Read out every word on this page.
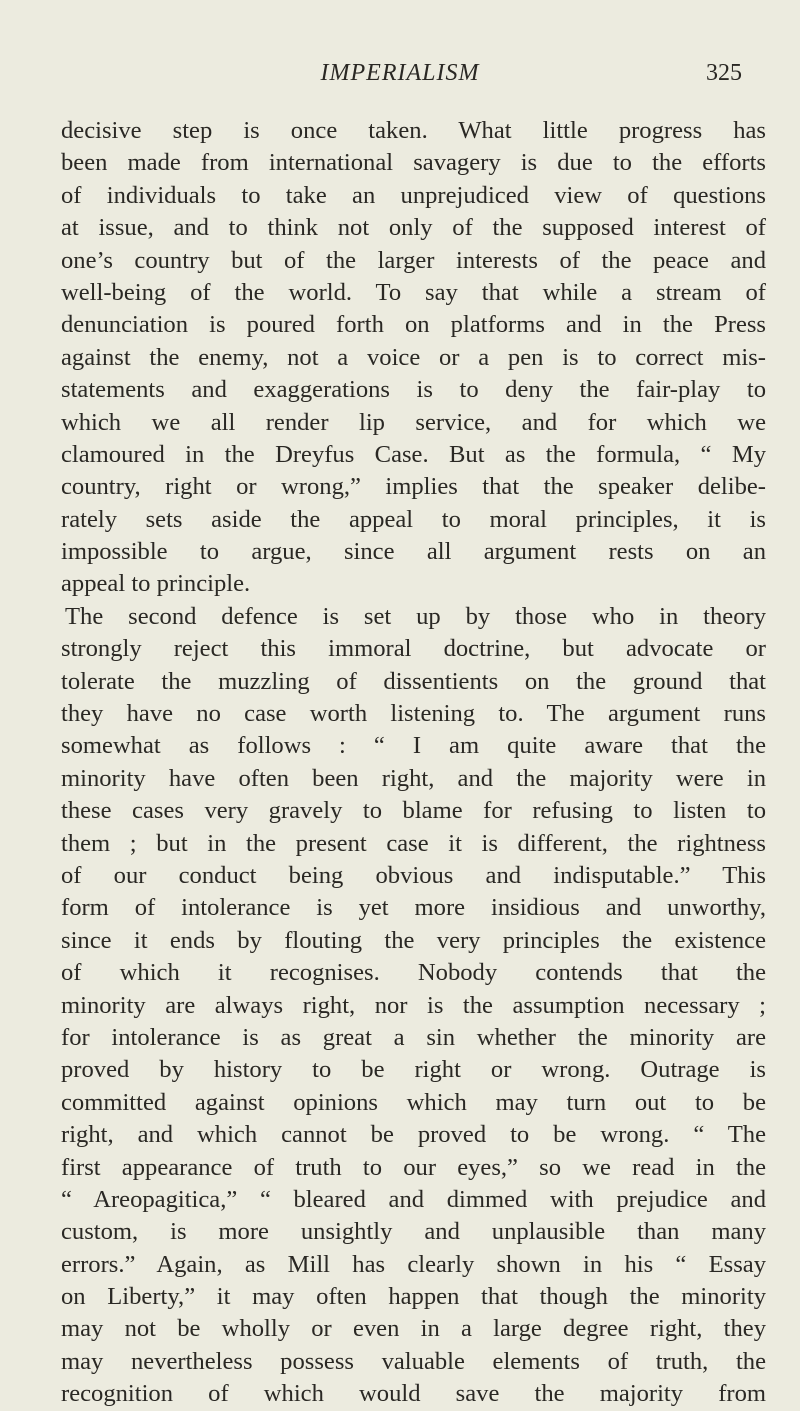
IMPERIALISM	325
decisive step is once taken. What little progress has
been made from international savagery is due to the efforts
of individuals to take an unprejudiced view of questions
at issue, and to think not only of the supposed interest of
one’s country but of the larger interests of the peace and
well-being of the world. To say that while a stream of
denunciation is poured forth on platforms and in the Press
against the enemy, not a voice or a pen is to correct mis-
statements and exaggerations is to deny the fair-play to
which we all render lip service, and for which we
clamoured in the Dreyfus Case. But as the formula, “ My
country, right or wrong,” implies that the speaker delibe-
rately sets aside the appeal to moral principles, it is
impossible to argue, since all argument rests on an
appeal to principle.
The second defence is set up by those who in theory
strongly reject this immoral doctrine, but advocate or
tolerate the muzzling of dissentients on the ground that
they have no case worth listening to. The argument runs
somewhat as follows : “ I am quite aware that the
minority have often been right, and the majority were in
these cases very gravely to blame for refusing to listen to
them ; but in the present case it is different, the rightness
of our conduct being obvious and indisputable.” This
form of intolerance is yet more insidious and unworthy,
since it ends by flouting the very principles the existence
of which it recognises. Nobody contends that the
minority are always right, nor is the assumption necessary ;
for intolerance is as great a sin whether the minority are
proved by history to be right or wrong. Outrage is
committed against opinions which may turn out to be
right, and which cannot be proved to be wrong. “ The
first appearance of truth to our eyes,” so we read in the
“ Areopagitica,” “ bleared and dimmed with prejudice and
custom, is more unsightly and unplausible than many
errors.” Again, as Mill has clearly shown in his “ Essay
on Liberty,” it may often happen that though the minority
may not be wholly or even in a large degree right, they
may nevertheless possess valuable elements of truth, the
recognition of which would save the majority from
